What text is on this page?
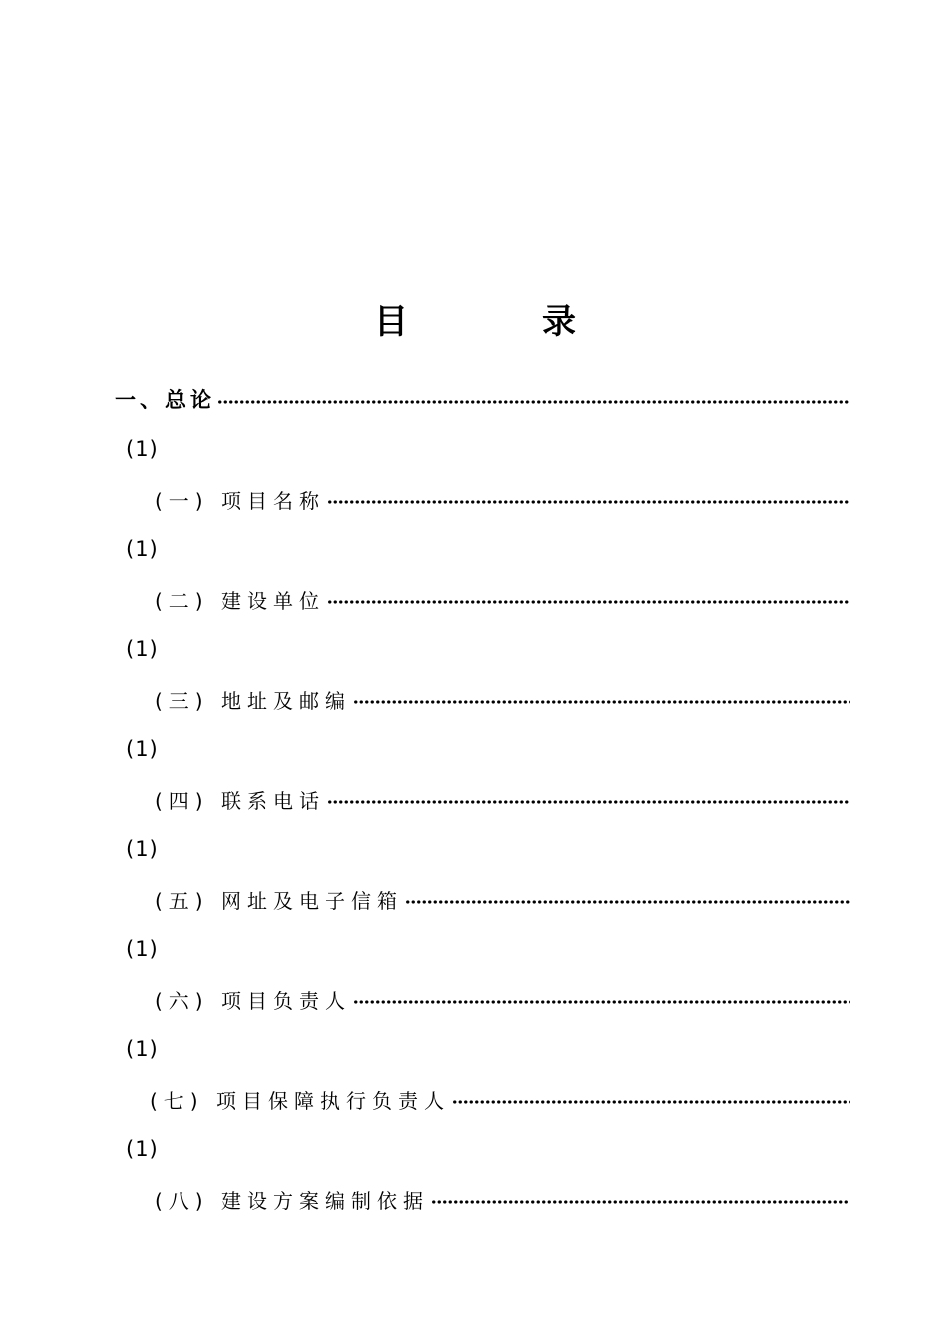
目　录
一、总论
(1)
(一) 项目名称
(1)
(二) 建设单位
(1)
(三) 地址及邮编
(1)
(四) 联系电话
(1)
(五) 网址及电子信箱
(1)
(六) 项目负责人
(1)
(七) 项目保障执行负责人
(1)
(八) 建设方案编制依据
